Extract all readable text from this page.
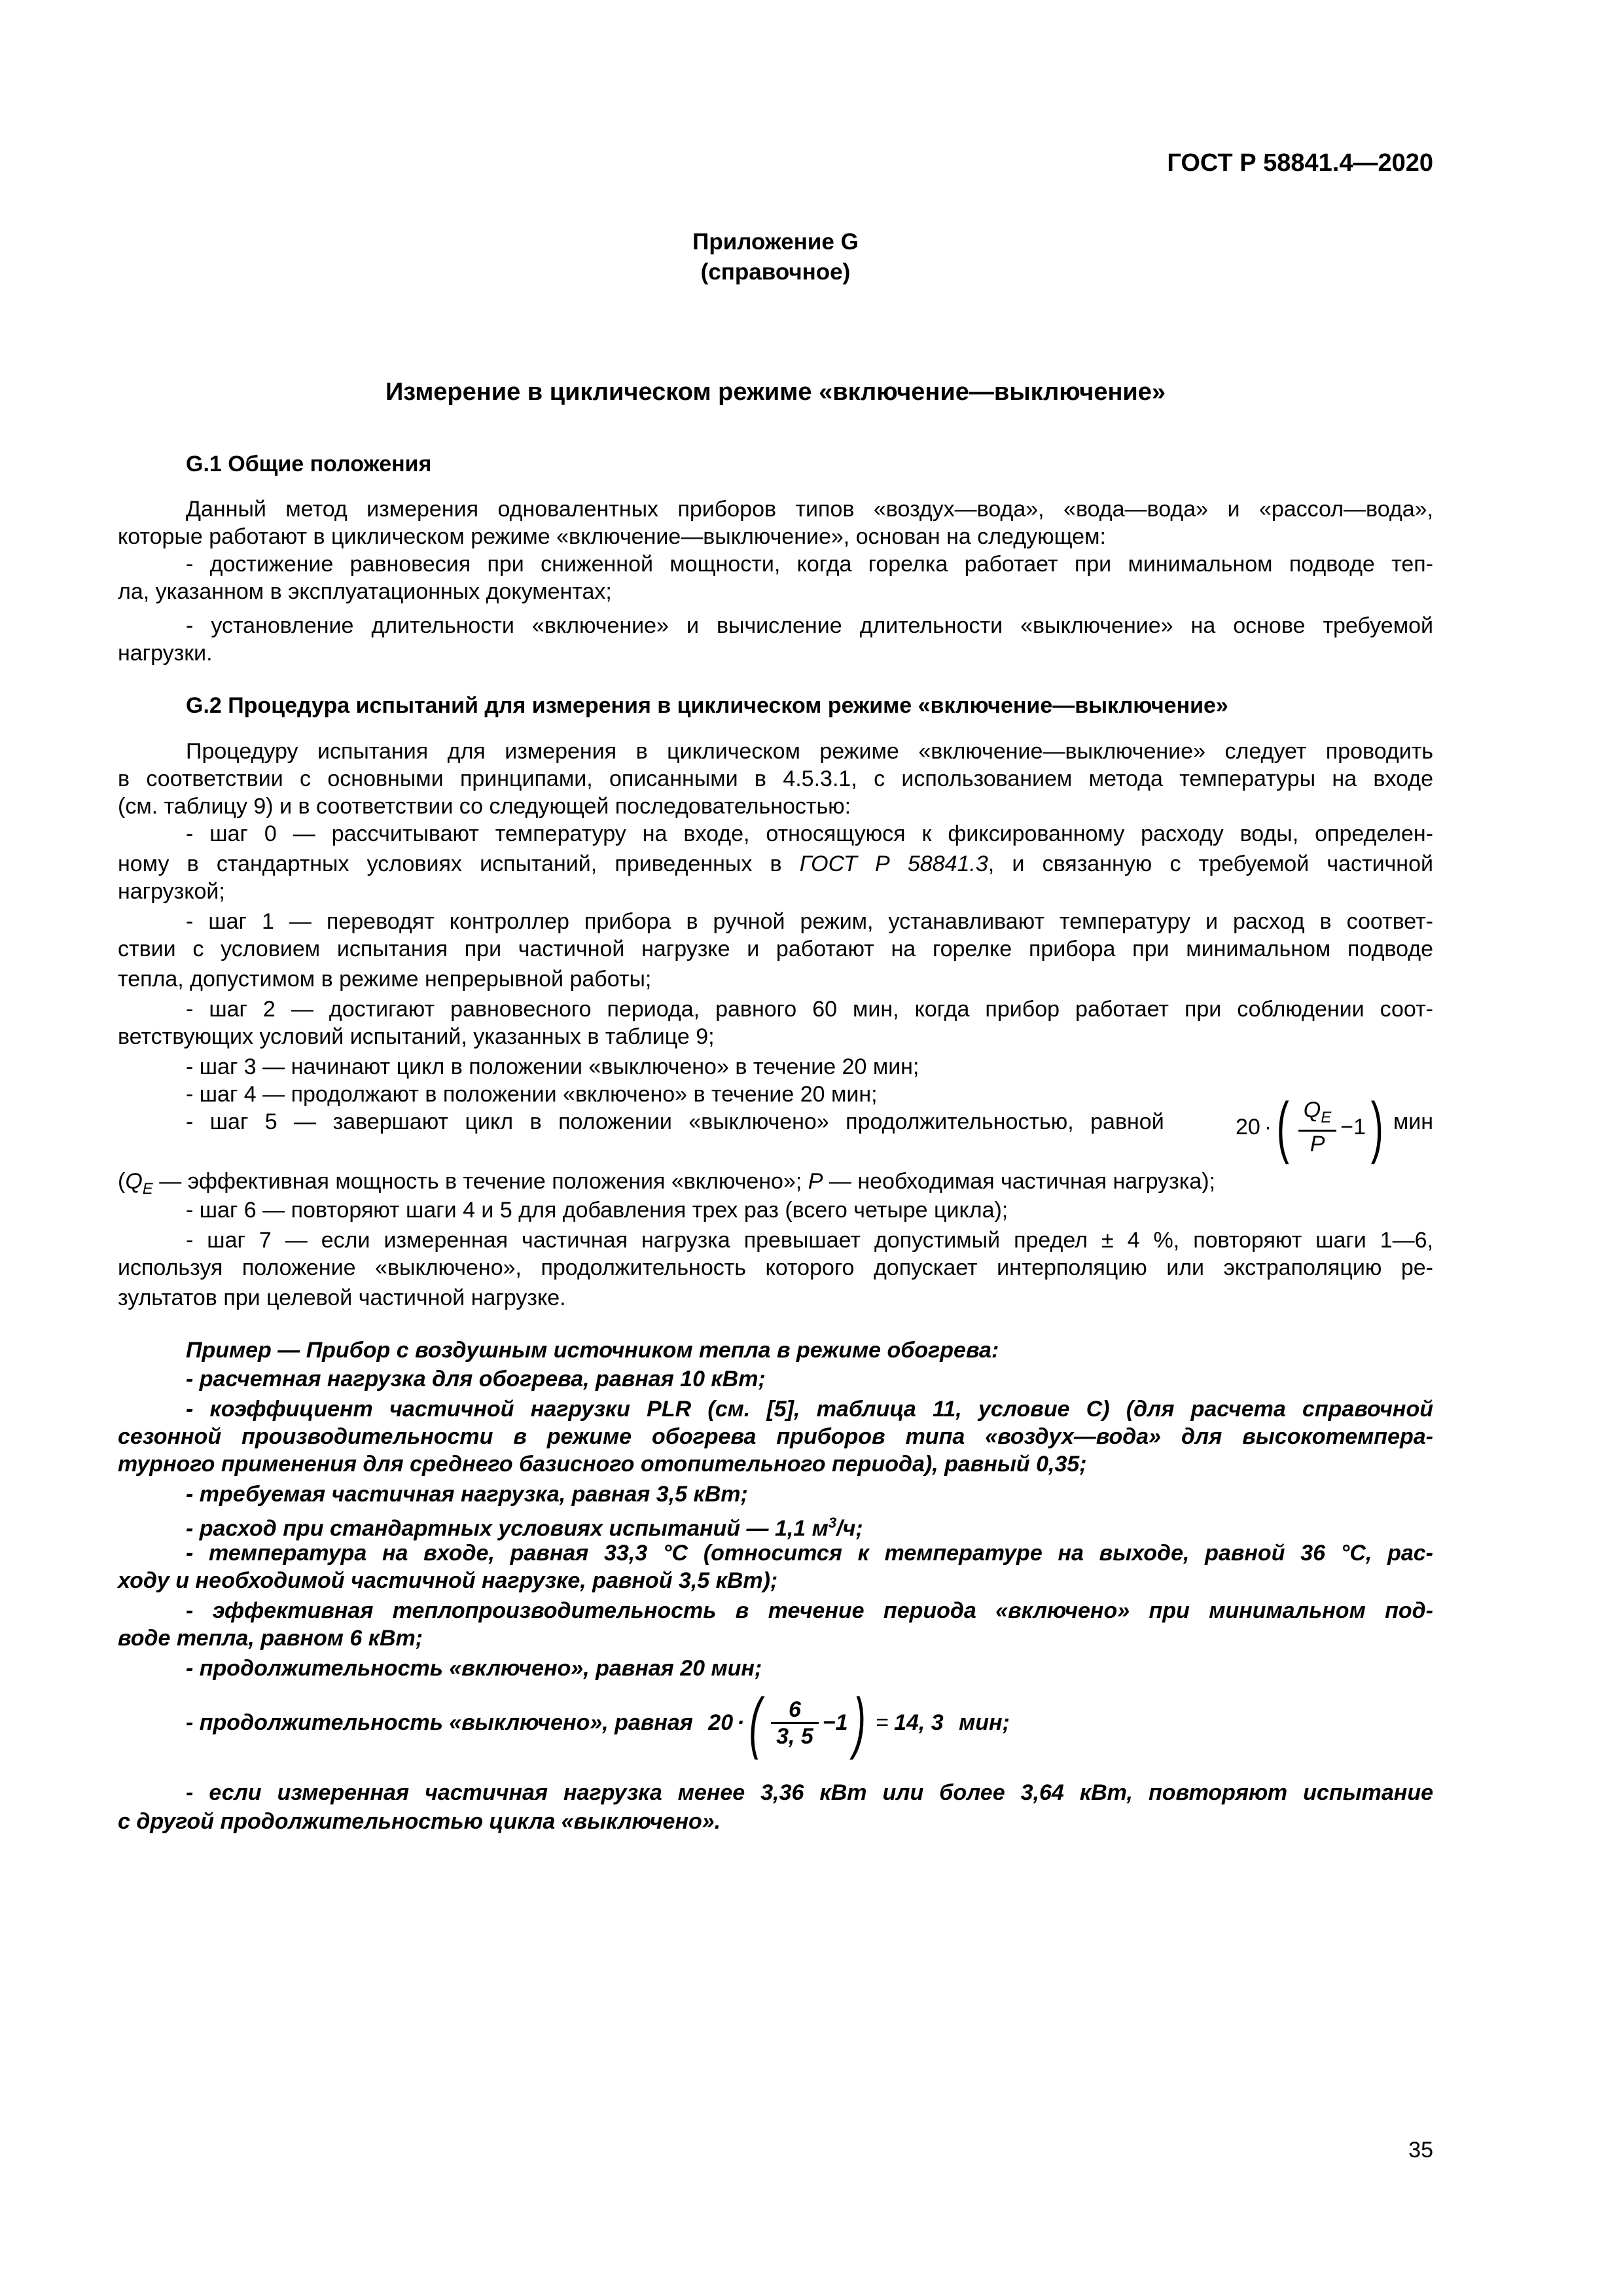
ГОСТ Р 58841.4—2020
Приложение G
(справочное)
Измерение в циклическом режиме «включение—выключение»
G.1 Общие положения
Данный метод измерения одновалентных приборов типов «воздух—вода», «вода—вода» и «рассол—вода»,
которые работают в циклическом режиме «включение—выключение», основан на следующем:
- достижение равновесия при сниженной мощности, когда горелка работает при минимальном подводе теп-
ла, указанном в эксплуатационных документах;
- установление длительности «включение» и вычисление длительности «выключение» на основе требуемой
нагрузки.
G.2 Процедура испытаний для измерения в циклическом режиме «включение—выключение»
Процедуру испытания для измерения в циклическом режиме «включение—выключение» следует проводить
в соответствии с основными принципами, описанными в 4.5.3.1, с использованием метода температуры на входе
(см. таблицу 9) и в соответствии со следующей последовательностью:
- шаг 0 — рассчитывают температуру на входе, относящуюся к фиксированному расходу воды, определен-
ному в стандартных условиях испытаний, приведенных в ГОСТ Р 58841.3, и связанную с требуемой частичной
нагрузкой;
- шаг 1 — переводят контроллер прибора в ручной режим, устанавливают температуру и расход в соответ-
ствии с условием испытания при частичной нагрузке и работают на горелке прибора при минимальном подводе
тепла, допустимом в режиме непрерывной работы;
- шаг 2 — достигают равновесного периода, равного 60 мин, когда прибор работает при соблюдении соот-
ветствующих условий испытаний, указанных в таблице 9;
- шаг 3 — начинают цикл в положении «выключено» в течение 20 мин;
- шаг 4 — продолжают в положении «включено» в течение 20 мин;
- шаг 5 — завершают цикл в положении «выключено» продолжительностью, равной	20 ·( $\frac{Q_E}{P} -1$) мин
($Q_E$ — эффективная мощность в течение положения «включено»; P — необходимая частичная нагрузка);
- шаг 6 — повторяют шаги 4 и 5 для добавления трех раз (всего четыре цикла);
- шаг 7 — если измеренная частичная нагрузка превышает допустимый предел ± 4 %, повторяют шаги 1—6,
используя положение «выключено», продолжительность которого допускает интерполяцию или экстраполяцию ре-
зультатов при целевой частичной нагрузке.
Пример — Прибор с воздушным источником тепла в режиме обогрева:
- расчетная нагрузка для обогрева, равная 10 кВт;
- коэффициент частичной нагрузки PLR (см. [5], таблица 11, условие C) (для расчета справочной
сезонной производительности в режиме обогрева приборов типа «воздух—вода» для высокотемпера-
турного применения для среднего базисного отопительного периода), равный 0,35;
- требуемая частичная нагрузка, равная 3,5 кВт;
- расход при стандартных условиях испытаний — 1,1 $м^3/ч$;
- температура на входе, равная 33,3 °C (относится к температуре на выходе, равной 36 °C, рас-
ходу и необходимой частичной нагрузке, равной 3,5 кВт);
- эффективная теплопроизводительность в течение периода «включено» при минимальном под-
воде тепла, равном 6 кВт;
- продолжительность «включено», равная 20 мин;
- продолжительность «выключено», равная 20 ·( $\frac{6}{3, 5} -1) = 14$, 3 мин;
- если измеренная частичная нагрузка менее 3,36 кВт или более 3,64 кВт, повторяют испытание
с другой продолжительностью цикла «выключено».
35
